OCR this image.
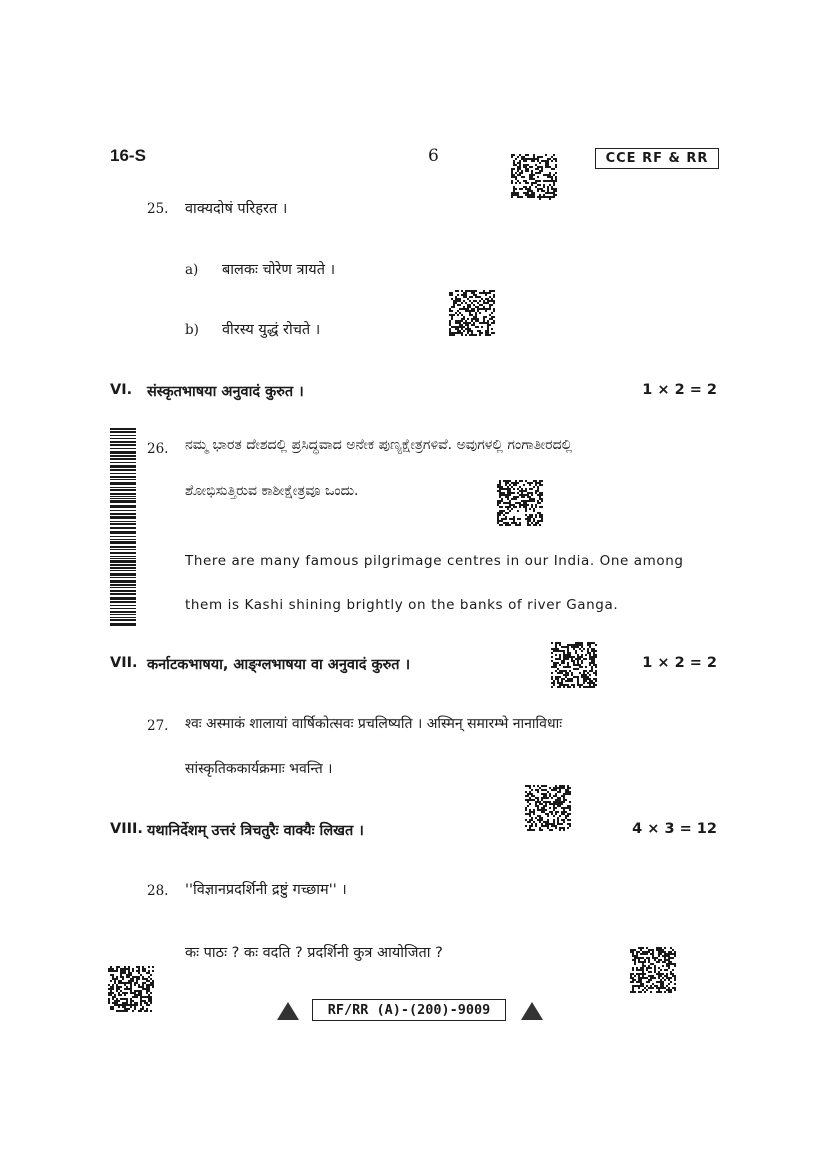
16-S	6	CCE RF & RR
25. वाक्यदोषं परिहरत ।
a) बालकः चोरेण त्रायते ।
b) वीरस्य युद्धं रोचते ।
VI. संस्कृतभाषया अनुवादं कुरुत ।	1 × 2 = 2
26. ನಮ್ಮ ಭಾರತ ದೇಶದಲ್ಲಿ ಪ್ರಸಿದ್ಧವಾದ ಅನೇಕ ಪುಣ್ಯಕ್ಷೇತ್ರಗಳಿವೆ. ಅವುಗಳಲ್ಲಿ ಗಂಗಾತೀರದಲ್ಲಿ
ಶೋಭಿಸುತ್ತಿರುವ ಕಾಶೀಕ್ಷೇತ್ರವೂ ಒಂದು.
There are many famous pilgrimage centres in our India. One among
them is Kashi shining brightly on the banks of river Ganga.
VII. कर्नाटकभाषया, आङ्ग्लभाषया वा अनुवादं कुरुत ।	1 × 2 = 2
27. श्वः अस्माकं शालायां वार्षिकोत्सवः प्रचलिष्यति । अस्मिन् समारम्भे नानाविधाः
सांस्कृतिककार्यक्रमाः भवन्ति ।
VIII. यथानिर्देशम् उत्तरं त्रिचतुरैः वाक्यैः लिखत ।	4 × 3 = 12
28. ''विज्ञानप्रदर्शिनी द्रष्टुं गच्छाम'' ।
कः पाठः ? कः वदति ? प्रदर्शिनी कुत्र आयोजिता ?
RF/RR (A)-(200)-9009
